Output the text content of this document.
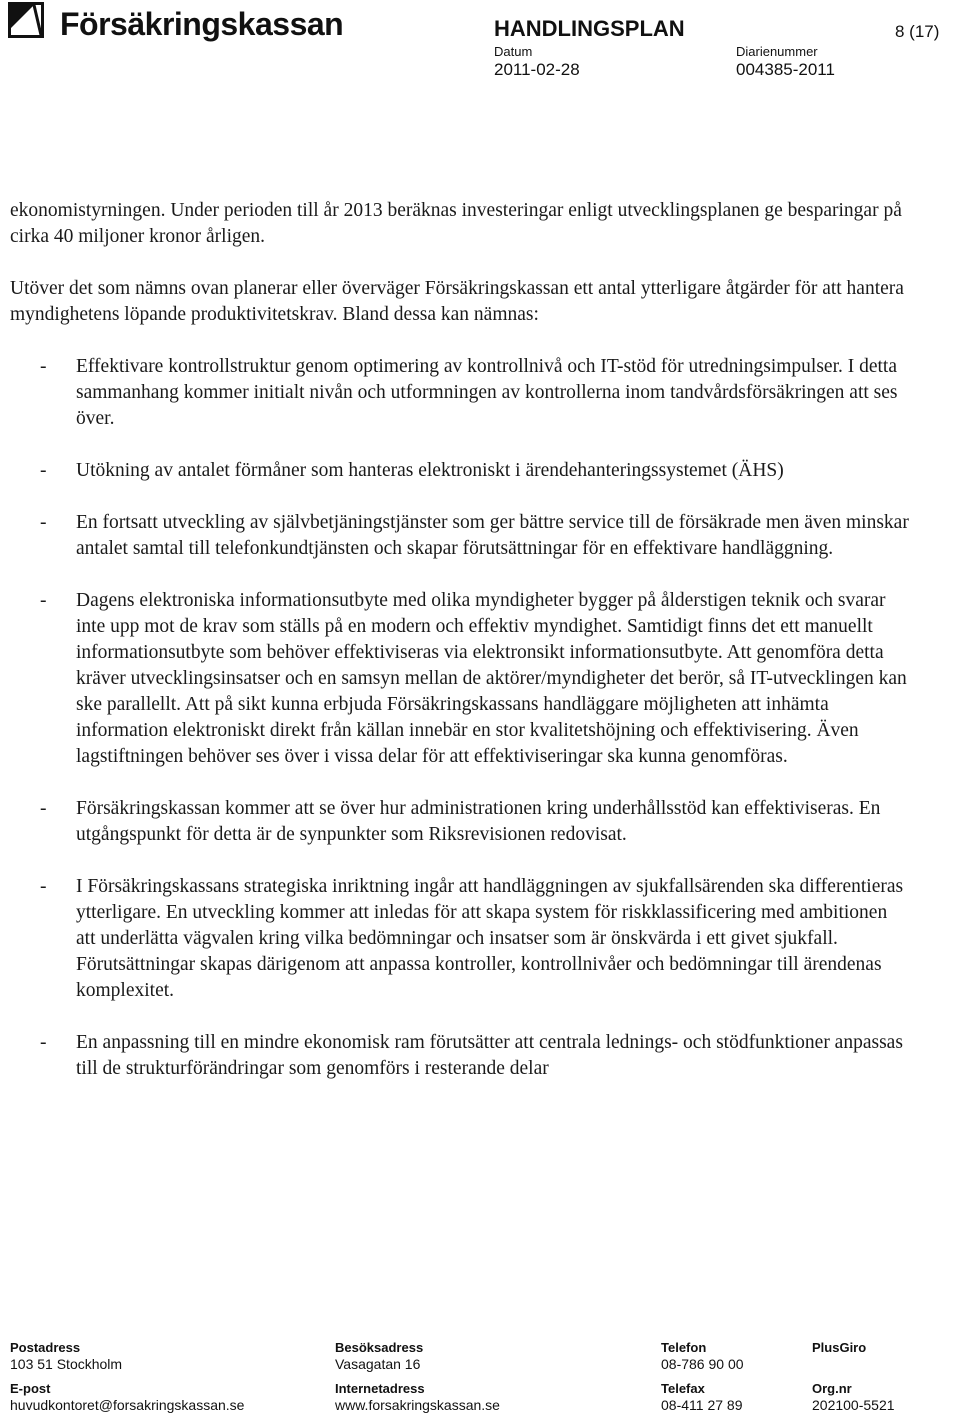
Försäkringskassan	HANDLINGSPLAN	8 (17)
Datum
2011-02-28
Diarienummer
004385-2011

ekonomistyrningen. Under perioden till år 2013 beräknas investeringar enligt utvecklingsplanen ge besparingar på cirka 40 miljoner kronor årligen.

Utöver det som nämns ovan planerar eller överväger Försäkringskassan ett antal ytterligare åtgärder för att hantera myndighetens löpande produktivitetskrav. Bland dessa kan nämnas:

- Effektivare kontrollstruktur genom optimering av kontrollnivå och IT-stöd för utredningsimpulser. I detta sammanhang kommer initialt nivån och utformningen av kontrollerna inom tandvårdsförsäkringen att ses över.
- Utökning av antalet förmåner som hanteras elektroniskt i ärendehanteringssystemet (ÄHS)
- En fortsatt utveckling av självbetjäningstjänster som ger bättre service till de försäkrade men även minskar antalet samtal till telefonkundtjänsten och skapar förutsättningar för en effektivare handläggning.
- Dagens elektroniska informationsutbyte med olika myndigheter bygger på ålderstigen teknik och svarar inte upp mot de krav som ställs på en modern och effektiv myndighet. Samtidigt finns det ett manuellt informationsutbyte som behöver effektiviseras via elektronsikt informationsutbyte. Att genomföra detta kräver utvecklingsinsatser och en samsyn mellan de aktörer/myndigheter det berör, så IT-utvecklingen kan ske parallellt. Att på sikt kunna erbjuda Försäkringskassans handläggare möjligheten att inhämta information elektroniskt direkt från källan innebär en stor kvalitetshöjning och effektivisering. Även lagstiftningen behöver ses över i vissa delar för att effektiviseringar ska kunna genomföras.
- Försäkringskassan kommer att se över hur administrationen kring underhållsstöd kan effektiviseras. En utgångspunkt för detta är de synpunkter som Riksrevisionen redovisat.
- I Försäkringskassans strategiska inriktning ingår att handläggningen av sjukfallsärenden ska differentieras ytterligare. En utveckling kommer att inledas för att skapa system för riskklassificering med ambitionen att underlätta vägvalen kring vilka bedömningar och insatser som är önskvärda i ett givet sjukfall. Förutsättningar skapas därigenom att anpassa kontroller, kontrollnivåer och bedömningar till ärendenas komplexitet.
- En anpassning till en mindre ekonomisk ram förutsätter att centrala lednings- och stödfunktioner anpassas till de strukturförändringar som genomförs i resterande delar
Postadress
103 51 Stockholm
Besöksadress
Vasagatan 16
Telefon
08-786 90 00
PlusGiro
E-post
huvudkontoret@forsakringskassan.se
Internetadress
www.forsakringskassan.se
Telefax
08-411 27 89
Org.nr
202100-5521
